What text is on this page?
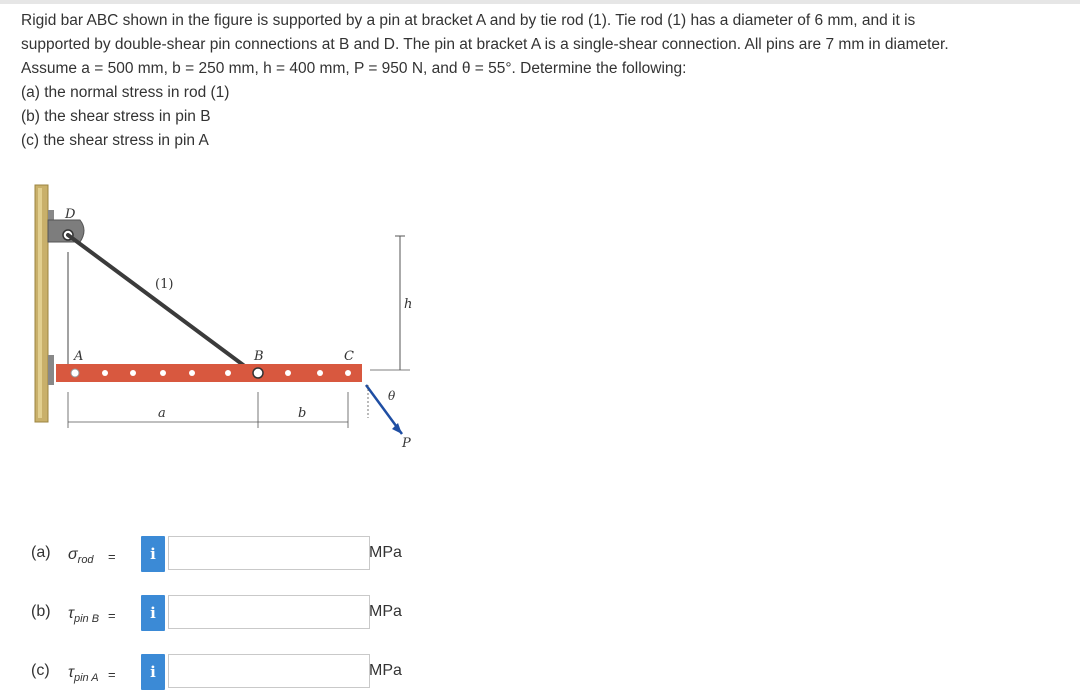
Rigid bar ABC shown in the figure is supported by a pin at bracket A and by tie rod (1). Tie rod (1) has a diameter of 6 mm, and it is

supported by double-shear pin connections at B and D. The pin at bracket A is a single-shear connection. All pins are 7 mm in diameter.

Assume a = 500 mm, b = 250 mm, h = 400 mm, P = 950 N, and θ = 55°. Determine the following:

(a) the normal stress in rod (1)

(b) the shear stress in pin B

(c) the shear stress in pin A

D
A	B	C
(1)
h
a	b
θ
P
(a) $\sigma_{rod}$ =	i	MPa
(b) $\tau_{pin B}$ =	i	MPa
(c) $\tau_{pin A}$ =	i	MPa
